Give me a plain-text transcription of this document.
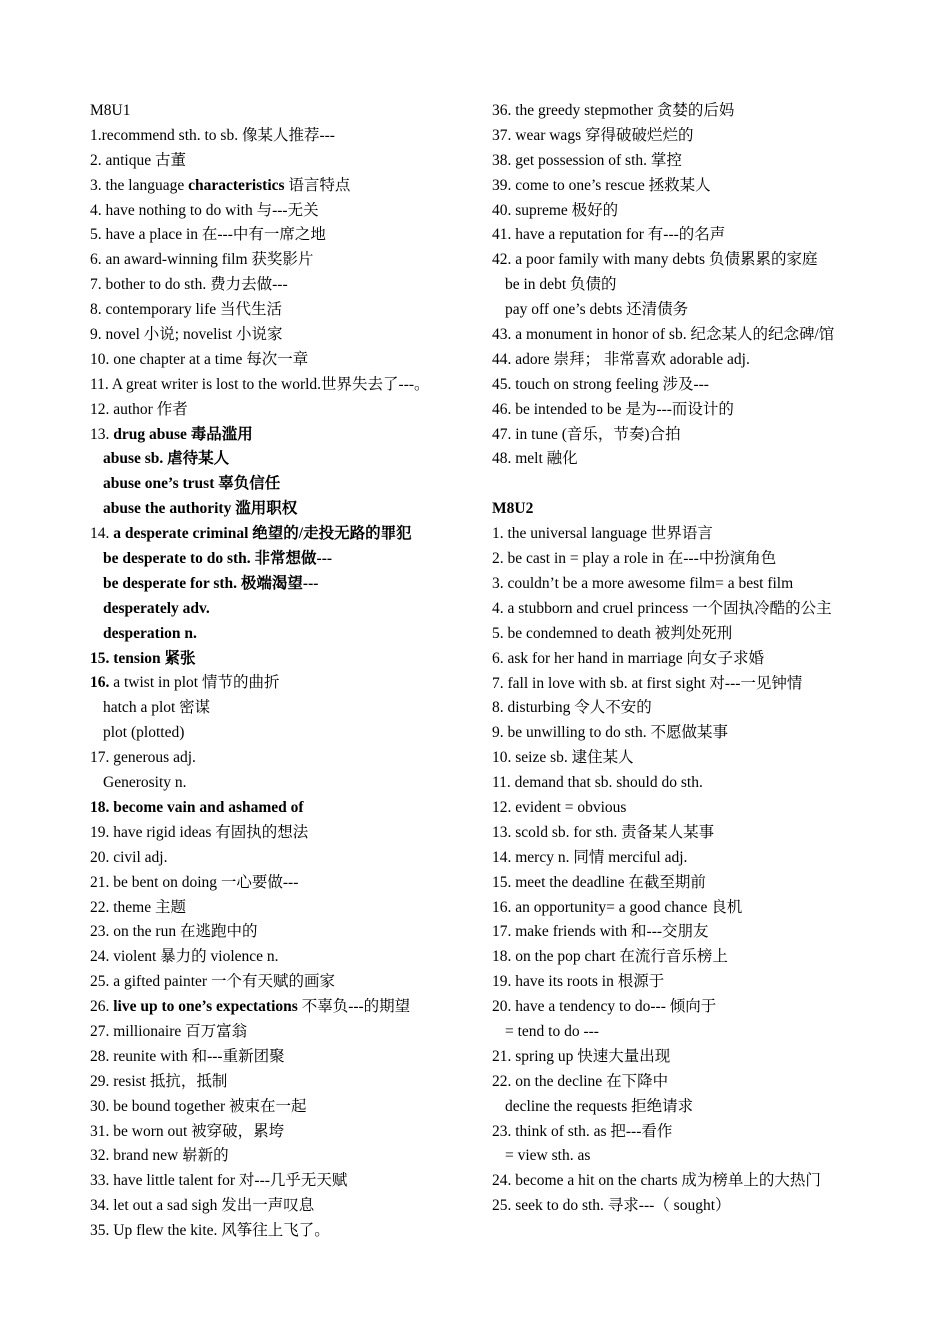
M8U1
1.recommend sth. to sb. 像某人推荐---
2. antique 古董
3. the language characteristics 语言特点
4. have nothing to do with 与---无关
5. have a place in 在---中有一席之地
6. an award-winning film 获奖影片
7. bother to do sth. 费力去做---
8. contemporary life 当代生活
9. novel 小说; novelist 小说家
10. one chapter at a time 每次一章
11. A great writer is lost to the world.世界失去了---。
12. author 作者
13. drug abuse 毒品滥用
abuse sb. 虐待某人
abuse one’s trust 辜负信任
abuse the authority 滥用职权
14. a desperate criminal 绝望的/走投无路的罪犯
be desperate to do sth. 非常想做---
be desperate for sth. 极端渴望---
desperately adv.
desperation n.
15. tension 紧张
16. a twist in plot 情节的曲折
hatch a plot 密谋
plot (plotted)
17. generous adj.
Generosity n.
18. become vain and ashamed of
19. have rigid ideas 有固执的想法
20. civil adj.
21. be bent on doing 一心要做---
22. theme 主题
23. on the run 在逃跑中的
24. violent 暴力的 violence n.
25. a gifted painter 一个有天赋的画家
26. live up to one’s expectations 不辜负---的期望
27. millionaire 百万富翁
28. reunite with 和---重新团聚
29. resist 抵抗，抵制
30. be bound together 被束在一起
31. be worn out 被穿破，累垮
32. brand new 崭新的
33. have little talent for 对---几乎无天赋
34. let out a sad sigh 发出一声叹息
35. Up flew the kite. 风筝往上飞了。
36. the greedy stepmother 贪婪的后妈
37. wear wags 穿得破破烂烂的
38. get possession of sth. 掌控
39. come to one’s rescue 拯救某人
40. supreme 极好的
41. have a reputation for 有---的名声
42. a poor family with many debts 负债累累的家庭
be in debt 负债的
pay off one’s debts 还清债务
43. a monument in honor of sb. 纪念某人的纪念碑/馆
44. adore 崇拜； 非常喜欢 adorable adj.
45. touch on strong feeling 涉及---
46. be intended to be 是为---而设计的
47. in tune (音乐，节奏)合拍
48. melt 融化
M8U2
1. the universal language 世界语言
2. be cast in = play a role in 在---中扮演角色
3. couldn’t be a more awesome film= a best film
4. a stubborn and cruel princess 一个固执冷酷的公主
5. be condemned to death 被判处死刑
6. ask for her hand in marriage 向女子求婚
7. fall in love with sb. at first sight 对---一见钟情
8. disturbing 令人不安的
9. be unwilling to do sth. 不愿做某事
10. seize sb. 逮住某人
11. demand that sb. should do sth.
12. evident = obvious
13. scold sb. for sth. 责备某人某事
14. mercy n. 同情 merciful adj.
15. meet the deadline 在截至期前
16. an opportunity= a good chance 良机
17. make friends with 和---交朋友
18. on the pop chart 在流行音乐榜上
19. have its roots in 根源于
20. have a tendency to do--- 倾向于
= tend to do ---
21. spring up 快速大量出现
22. on the decline 在下降中
decline the requests 拒绝请求
23. think of sth. as 把---看作
= view sth. as
24. become a hit on the charts 成为榜单上的大热门
25. seek to do sth. 寻求---（ sought）
